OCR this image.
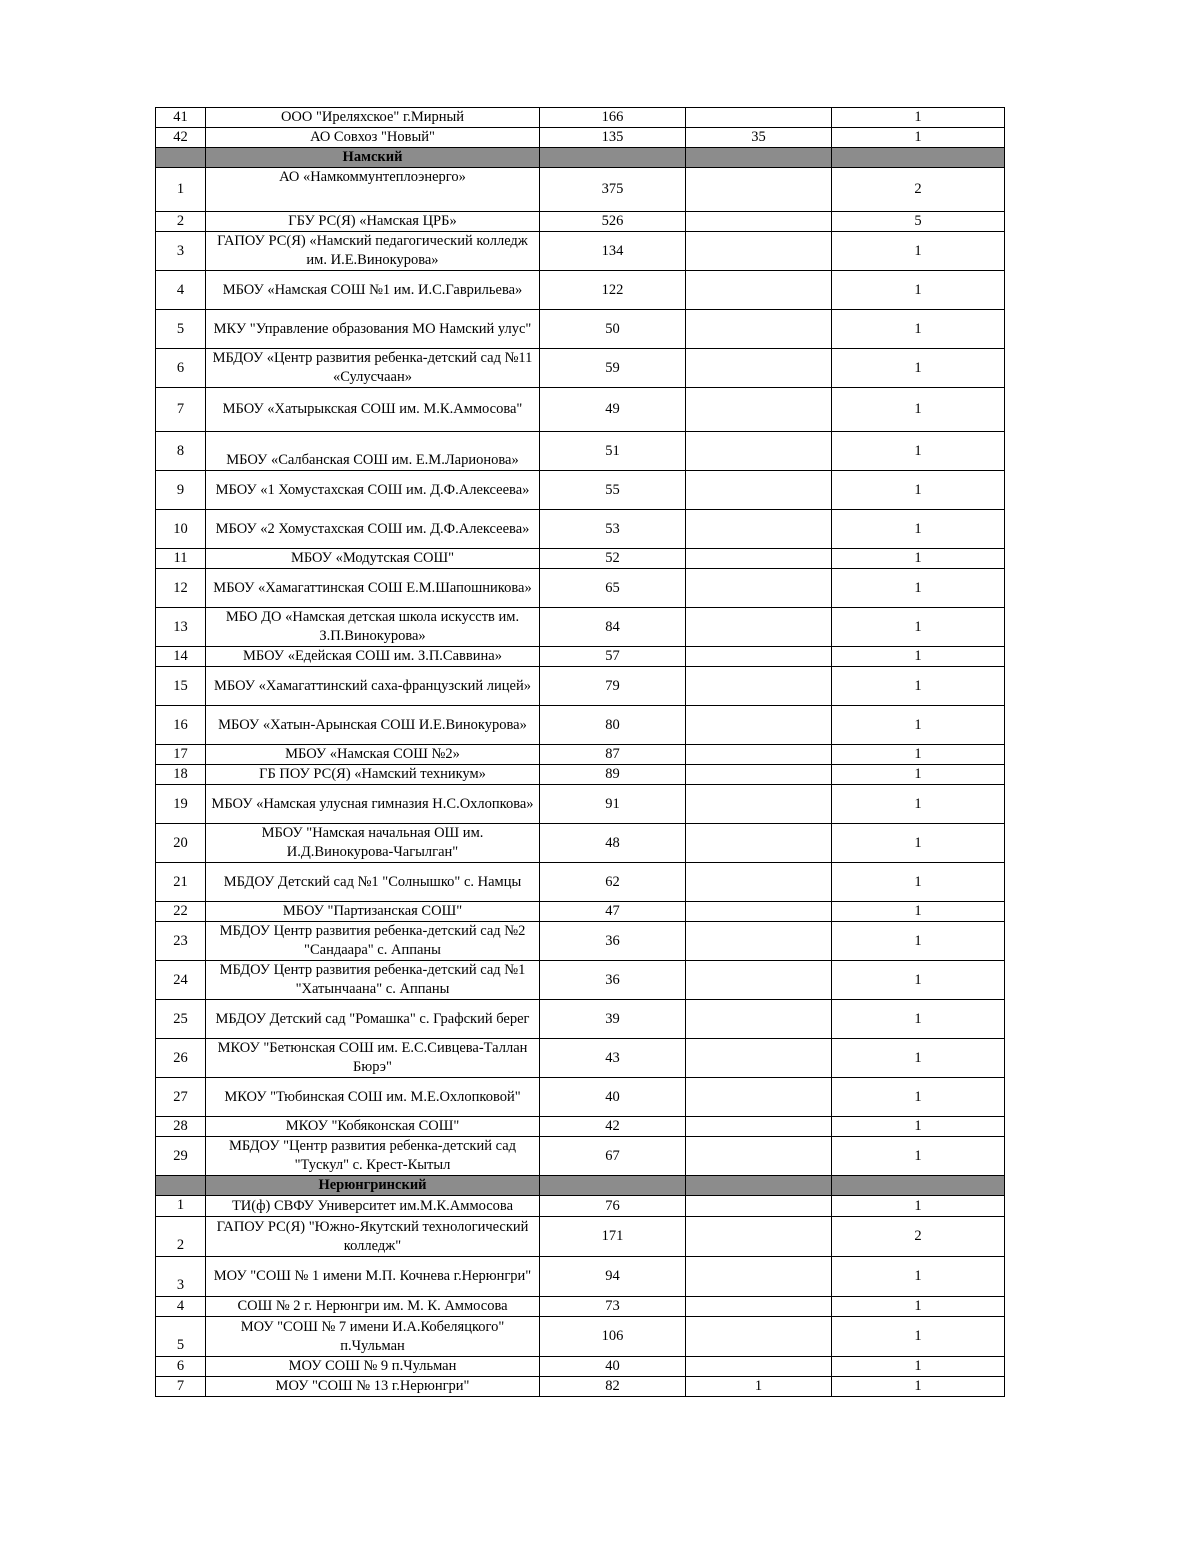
41	ООО "Иреляхское" г.Мирный	166		1
42	АО Совхоз "Новый"	135	35	1
	Намский			
1	АО «Намкоммунтеплоэнерго»	375		2
2	ГБУ РС(Я) «Намская ЦРБ»	526		5
3	ГАПОУ РС(Я) «Намский педагогический колледж им. И.Е.Винокурова»	134		1
4	МБОУ «Намская СОШ №1 им. И.С.Гаврильева»	122		1
5	МКУ "Управление образования МО Намский улус"	50		1
6	МБДОУ «Центр развития ребенка-детский сад №11 «Сулусчаан»	59		1
7	МБОУ «Хатырыкская СОШ им. М.К.Аммосова"	49		1
8	МБОУ «Салбанская СОШ им. Е.М.Ларионова»	51		1
9	МБОУ «1 Хомустахская СОШ им. Д.Ф.Алексеева»	55		1
10	МБОУ «2 Хомустахская СОШ им. Д.Ф.Алексеева»	53		1
11	МБОУ «Модутская СОШ"	52		1
12	МБОУ «Хамагаттинская СОШ Е.М.Шапошникова»	65		1
13	МБО ДО «Намская детская школа искусств им. З.П.Винокурова»	84		1
14	МБОУ «Едейская СОШ им. З.П.Саввина»	57		1
15	МБОУ «Хамагаттинский саха-французский лицей»	79		1
16	МБОУ «Хатын-Арынская СОШ И.Е.Винокурова»	80		1
17	МБОУ «Намская СОШ №2»	87		1
18	ГБ ПОУ РС(Я) «Намский техникум»	89		1
19	МБОУ «Намская улусная гимназия Н.С.Охлопкова»	91		1
20	МБОУ "Намская начальная ОШ им. И.Д.Винокурова-Чагылган"	48		1
21	МБДОУ Детский сад №1 "Солнышко" с. Намцы	62		1
22	МБОУ "Партизанская СОШ"	47		1
23	МБДОУ Центр развития ребенка-детский сад №2 "Сандаара" с. Аппаны	36		1
24	МБДОУ Центр развития ребенка-детский сад №1 "Хатынчаана" с. Аппаны	36		1
25	МБДОУ Детский сад "Ромашка" с. Графский берег	39		1
26	МКОУ "Бетюнская СОШ им. Е.С.Сивцева-Таллан Бюрэ"	43		1
27	МКОУ "Тюбинская СОШ им. М.Е.Охлопковой"	40		1
28	МКОУ "Кобяконская СОШ"	42		1
29	МБДОУ "Центр развития ребенка-детский сад "Тускул" с. Крест-Кытыл	67		1
	Нерюнгринский			
1	ТИ(ф) СВФУ Университет им.М.К.Аммосова	76		1
2	ГАПОУ РС(Я) "Южно-Якутский технологический колледж"	171		2
3	МОУ "СОШ № 1 имени М.П. Кочнева г.Нерюнгри"	94		1
4	СОШ № 2 г. Нерюнгри им. М. К. Аммосова	73		1
5	МОУ "СОШ № 7 имени И.А.Кобеляцкого" п.Чульман	106		1
6	МОУ СОШ № 9 п.Чульман	40		1
7	МОУ "СОШ № 13 г.Нерюнгри"	82	1	1
